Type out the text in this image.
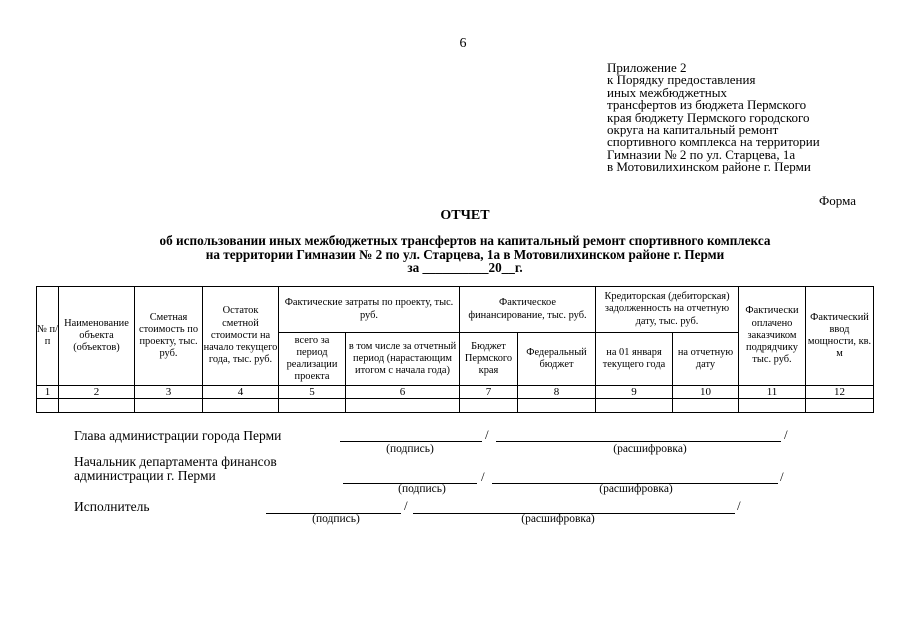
6
Приложение 2
к Порядку предоставления
иных межбюджетных
трансфертов из бюджета Пермского
края бюджету Пермского городского
округа на капитальный ремонт
спортивного комплекса на территории
Гимназии № 2 по ул. Старцева, 1а
в Мотовилихинском районе г. Перми
Форма
ОТЧЕТ
об использовании иных межбюджетных трансфертов на капитальный ремонт спортивного комплекса
на территории Гимназии № 2 по ул. Старцева, 1а в Мотовилихинском районе г. Перми
за __________20__г.
№ п/п	Наименование объекта (объектов)	Сметная стоимость по проекту, тыс. руб.	Остаток сметной стоимости на начало текущего года, тыс. руб.	Фактические затраты по проекту, тыс. руб.		Фактическое финансирование, тыс. руб.		Кредиторская (дебиторская) задолженность на отчетную дату, тыс. руб.		Фактически оплачено заказчиком подрядчику тыс. руб.	Фактический ввод мощности, кв. м
				всего за период реализации проекта	в том числе за отчетный период (нарастающим итогом с начала года)	Бюджет Пермского края	Федеральный бюджет	на 01 января текущего года	на отчетную дату		
1	2	3	4	5	6	7	8	9	10	11	12

Глава администрации города Перми	/	/
(подпись)	(расшифровка)
Начальник департамента финансов
администрации г. Перми	/	/
(подпись)	(расшифровка)
Исполнитель	/	/
(подпись)	(расшифровка)
